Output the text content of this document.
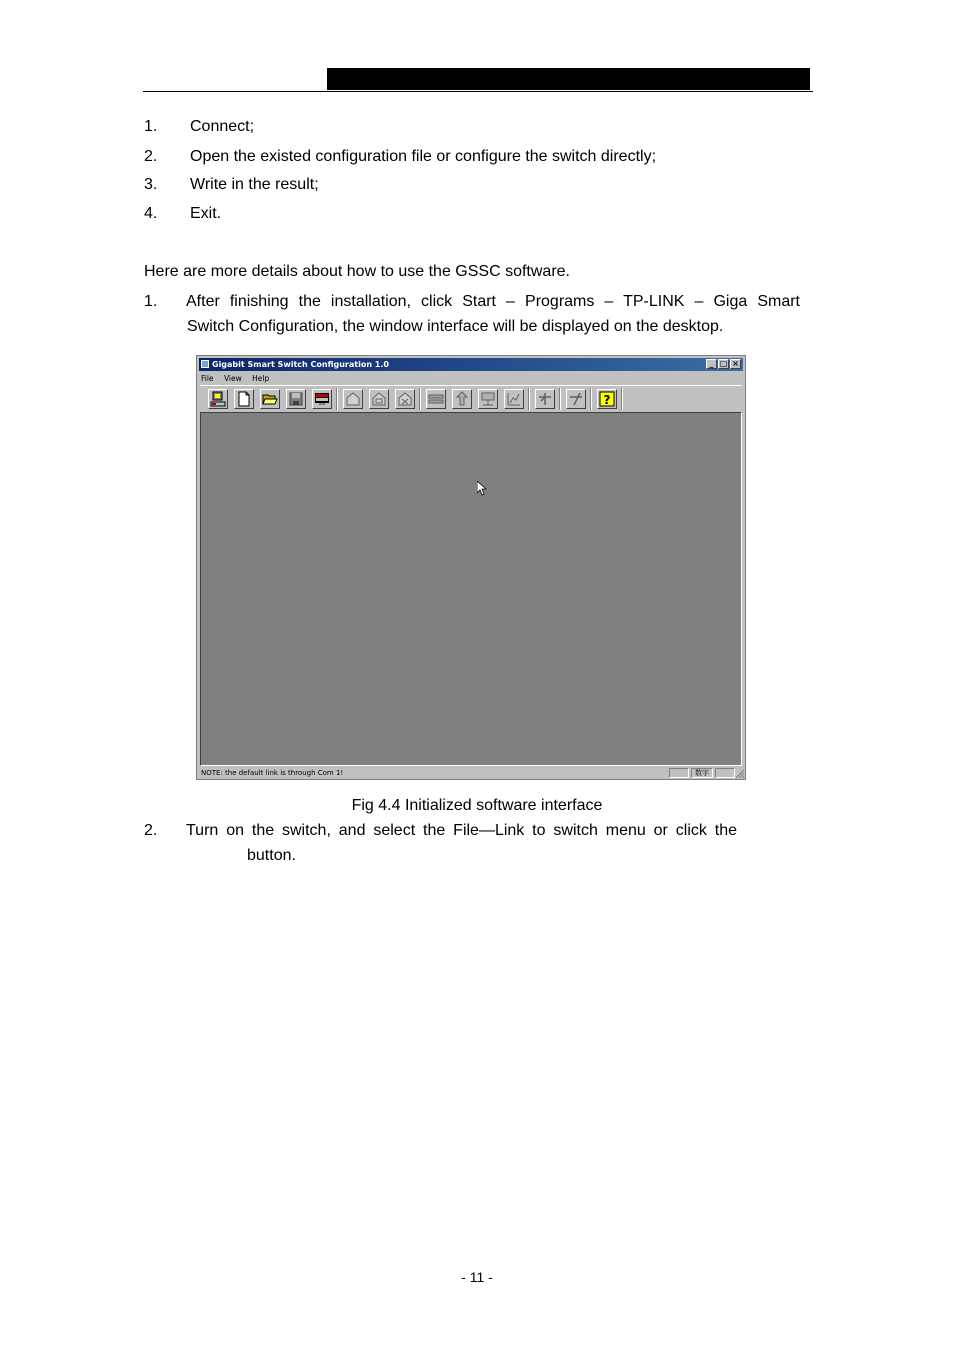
1. Connect;
2. Open the existed configuration file or configure the switch directly;
3. Write in the result;
4. Exit.
Here are more details about how to use the GSSC software.
1. After finishing the installation, click Start – Programs – TP-LINK – Giga Smart
Switch Configuration, the window interface will be displayed on the desktop.
Gigabit Smart Switch Configuration 1.0	_ □ ×
File View Help
?
NOTE: the default link is through Com 1!	数字
Fig 4.4 Initialized software interface
2. Turn on the switch, and select the File—Link to switch menu or click the
button.
- 11 -
